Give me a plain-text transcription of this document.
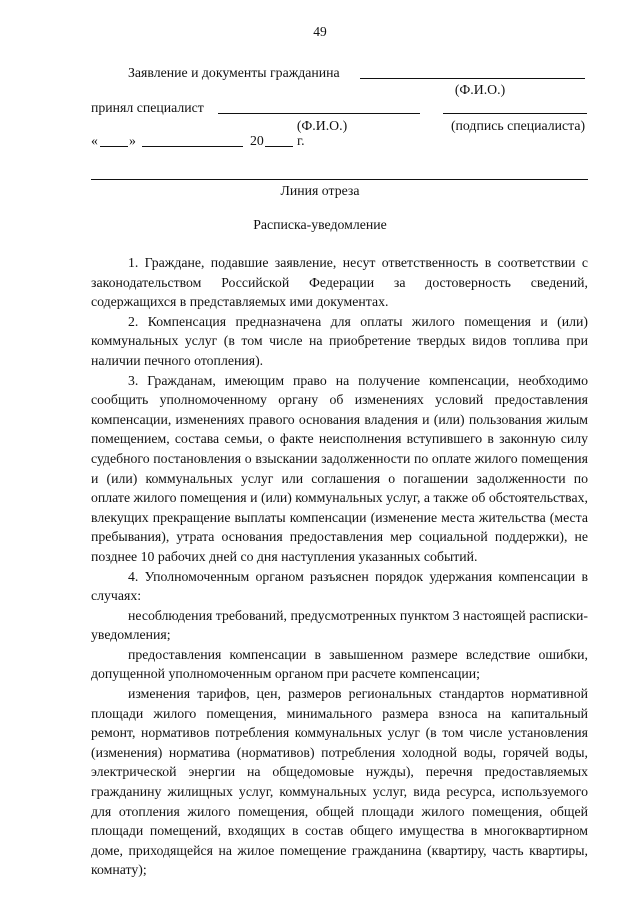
49
Заявление и документы гражданина
(Ф.И.О.)
принял специалист
(Ф.И.О.)	(подпись специалиста)
« »	20 г.
Линия отреза
Расписка-уведомление

1. Граждане, подавшие заявление, несут ответственность в соответствии с законодательством Российской Федерации за достоверность сведений, содержащихся в представляемых ими документах.

2. Компенсация предназначена для оплаты жилого помещения и (или) коммунальных услуг (в том числе на приобретение твердых видов топлива при наличии печного отопления).

3. Гражданам, имеющим право на получение компенсации, необходимо сообщить уполномоченному органу об изменениях условий предоставления компенсации, изменениях правого основания владения и (или) пользования жилым помещением, состава семьи, о факте неисполнения вступившего в законную силу судебного постановления о взыскании задолженности по оплате жилого помещения и (или) коммунальных услуг или соглашения о погашении задолженности по оплате жилого помещения и (или) коммунальных услуг, а также об обстоятельствах, влекущих прекращение выплаты компенсации (изменение места жительства (места пребывания), утрата основания предоставления мер социальной поддержки), не позднее 10 рабочих дней со дня наступления указанных событий.

4. Уполномоченным органом разъяснен порядок удержания компенсации в случаях:

несоблюдения требований, предусмотренных пунктом 3 настоящей расписки-уведомления;

предоставления компенсации в завышенном размере вследствие ошибки, допущенной уполномоченным органом при расчете компенсации;

изменения тарифов, цен, размеров региональных стандартов нормативной площади жилого помещения, минимального размера взноса на капитальный ремонт, нормативов потребления коммунальных услуг (в том числе установления (изменения) норматива (нормативов) потребления холодной воды, горячей воды, электрической энергии на общедомовые нужды), перечня предоставляемых гражданину жилищных услуг, коммунальных услуг, вида ресурса, используемого для отопления жилого помещения, общей площади жилого помещения, общей площади помещений, входящих в состав общего имущества в многоквартирном доме, приходящейся на жилое помещение гражданина (квартиру, часть квартиры, комнату);
